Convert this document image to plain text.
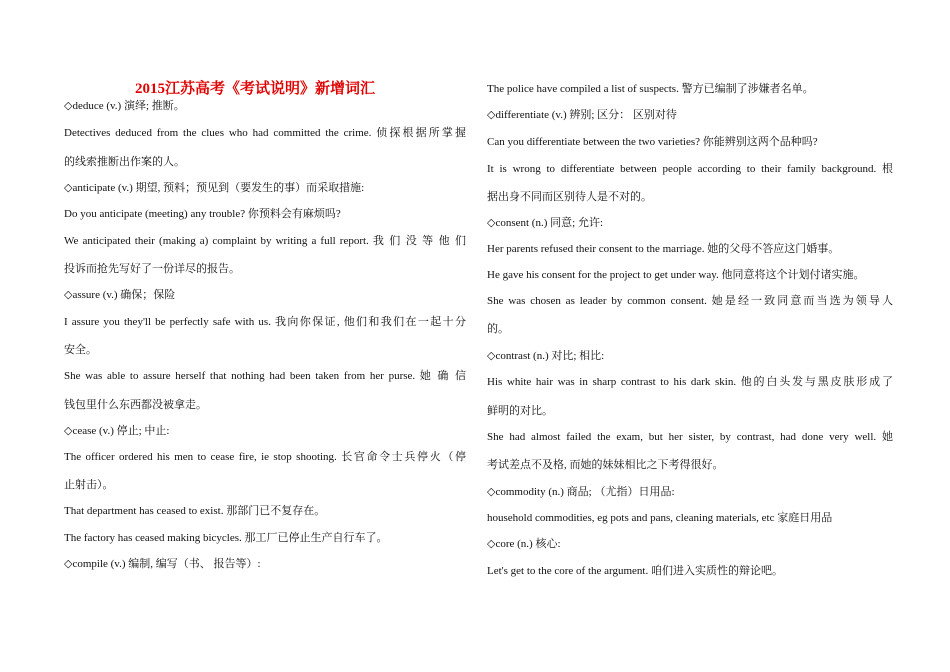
2015江苏高考《考试说明》新增词汇
◇deduce (v.) 演绎; 推断。
Detectives deduced from the clues who had committed the crime. 侦探根据所掌握
的线索推断出作案的人。
◇anticipate (v.) 期望, 预料；预见到（要发生的事）而采取措施:
Do you anticipate (meeting) any trouble? 你预料会有麻烦吗?
We anticipated their (making a) complaint by writing a full report. 我 们 没 等 他 们
投诉而抢先写好了一份详尽的报告。
◇assure (v.) 确保；保险
I assure you they'll be perfectly safe with us. 我向你保证, 他们和我们在一起十分
安全。
She was able to assure herself that nothing had been taken from her purse. 她 确 信
钱包里什么东西都没被拿走。
◇cease (v.) 停止; 中止:
The officer ordered his men to cease fire, ie stop shooting. 长官命令士兵停火（停
止射击）。
That department has ceased to exist. 那部门已不复存在。
The factory has ceased making bicycles. 那工厂已停止生产自行车了。
◇compile (v.) 编制, 编写（书、 报告等）:
The police have compiled a list of suspects. 警方已编制了涉嫌者名单。
◇differentiate (v.) 辨别; 区分： 区别对待
Can you differentiate between the two varieties? 你能辨别这两个品种吗?
It is wrong to differentiate between people according to their family background. 根
据出身不同而区别待人是不对的。
◇consent (n.) 同意; 允许:
Her parents refused their consent to the marriage. 她的父母不答应这门婚事。
He gave his consent for the project to get under way. 他同意将这个计划付诸实施。
She was chosen as leader by common consent. 她是经一致同意而当选为领导人
的。
◇contrast (n.) 对比; 相比:
His white hair was in sharp contrast to his dark skin. 他的白头发与黑皮肤形成了
鲜明的对比。
She had almost failed the exam, but her sister, by contrast, had done very well. 她
考试差点不及格, 而她的妹妹相比之下考得很好。
◇commodity (n.) 商品; （尤指）日用品:
household commodities, eg pots and pans, cleaning materials, etc 家庭日用品
◇core (n.) 核心:
Let's get to the core of the argument. 咱们进入实质性的辩论吧。
